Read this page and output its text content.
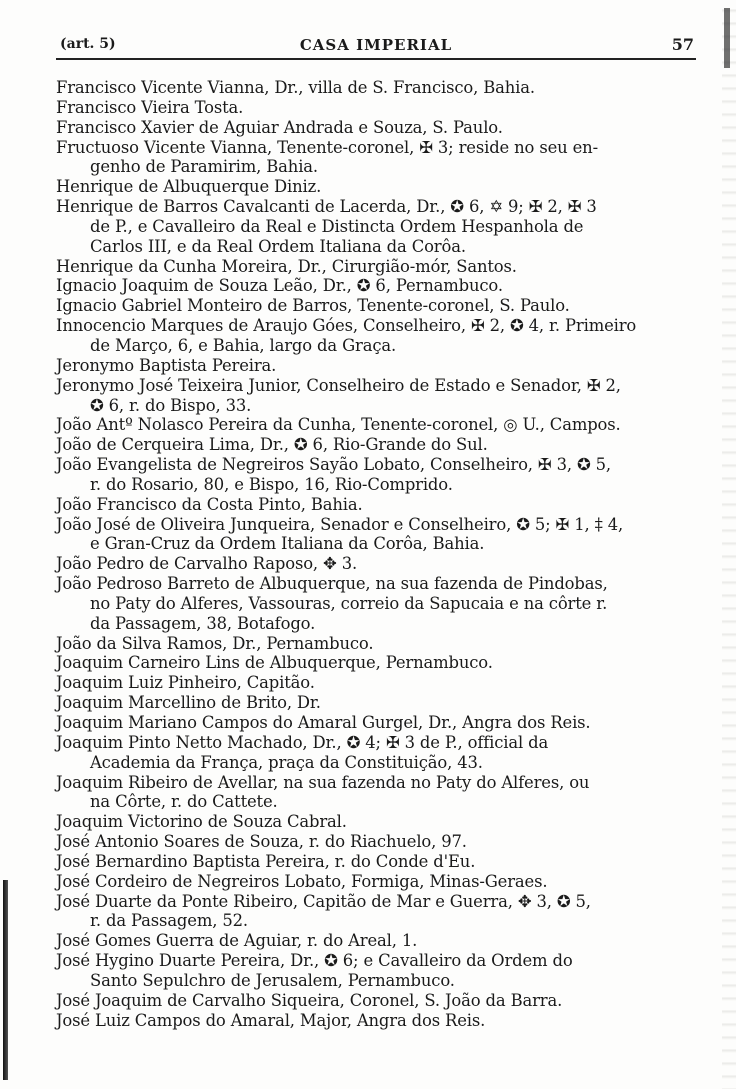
(art. 5)	CASA IMPERIAL	57
Francisco Vicente Vianna, Dr., villa de S. Francisco, Bahia.
Francisco Vieira Tosta.
Francisco Xavier de Aguiar Andrada e Souza, S. Paulo.
Fructuoso Vicente Vianna, Tenente-coronel, ✠ 3; reside no seu en-
genho de Paramirim, Bahia.
Henrique de Albuquerque Diniz.
Henrique de Barros Cavalcanti de Lacerda, Dr., ✪ 6, ✡ 9; ✠ 2, ✠ 3
de P., e Cavalleiro da Real e Distincta Ordem Hespanhola de
Carlos III, e da Real Ordem Italiana da Corôa.
Henrique da Cunha Moreira, Dr., Cirurgião-mór, Santos.
Ignacio Joaquim de Souza Leão, Dr., ✪ 6, Pernambuco.
Ignacio Gabriel Monteiro de Barros, Tenente-coronel, S. Paulo.
Innocencio Marques de Araujo Góes, Conselheiro, ✠ 2, ✪ 4, r. Primeiro
de Março, 6, e Bahia, largo da Graça.
Jeronymo Baptista Pereira.
Jeronymo José Teixeira Junior, Conselheiro de Estado e Senador, ✠ 2,
✪ 6, r. do Bispo, 33.
João Antº Nolasco Pereira da Cunha, Tenente-coronel, ◎ U., Campos.
João de Cerqueira Lima, Dr., ✪ 6, Rio-Grande do Sul.
João Evangelista de Negreiros Sayão Lobato, Conselheiro, ✠ 3, ✪ 5,
r. do Rosario, 80, e Bispo, 16, Rio-Comprido.
João Francisco da Costa Pinto, Bahia.
João José de Oliveira Junqueira, Senador e Conselheiro, ✪ 5; ✠ 1, ‡ 4,
e Gran-Cruz da Ordem Italiana da Corôa, Bahia.
João Pedro de Carvalho Raposo, ✥ 3.
João Pedroso Barreto de Albuquerque, na sua fazenda de Pindobas,
no Paty do Alferes, Vassouras, correio da Sapucaia e na côrte r.
da Passagem, 38, Botafogo.
João da Silva Ramos, Dr., Pernambuco.
Joaquim Carneiro Lins de Albuquerque, Pernambuco.
Joaquim Luiz Pinheiro, Capitão.
Joaquim Marcellino de Brito, Dr.
Joaquim Mariano Campos do Amaral Gurgel, Dr., Angra dos Reis.
Joaquim Pinto Netto Machado, Dr., ✪ 4; ✠ 3 de P., official da
Academia da França, praça da Constituição, 43.
Joaquim Ribeiro de Avellar, na sua fazenda no Paty do Alferes, ou
na Côrte, r. do Cattete.
Joaquim Victorino de Souza Cabral.
José Antonio Soares de Souza, r. do Riachuelo, 97.
José Bernardino Baptista Pereira, r. do Conde d'Eu.
José Cordeiro de Negreiros Lobato, Formiga, Minas-Geraes.
José Duarte da Ponte Ribeiro, Capitão de Mar e Guerra, ✥ 3, ✪ 5,
r. da Passagem, 52.
José Gomes Guerra de Aguiar, r. do Areal, 1.
José Hygino Duarte Pereira, Dr., ✪ 6; e Cavalleiro da Ordem do
Santo Sepulchro de Jerusalem, Pernambuco.
José Joaquim de Carvalho Siqueira, Coronel, S. João da Barra.
José Luiz Campos do Amaral, Major, Angra dos Reis.
